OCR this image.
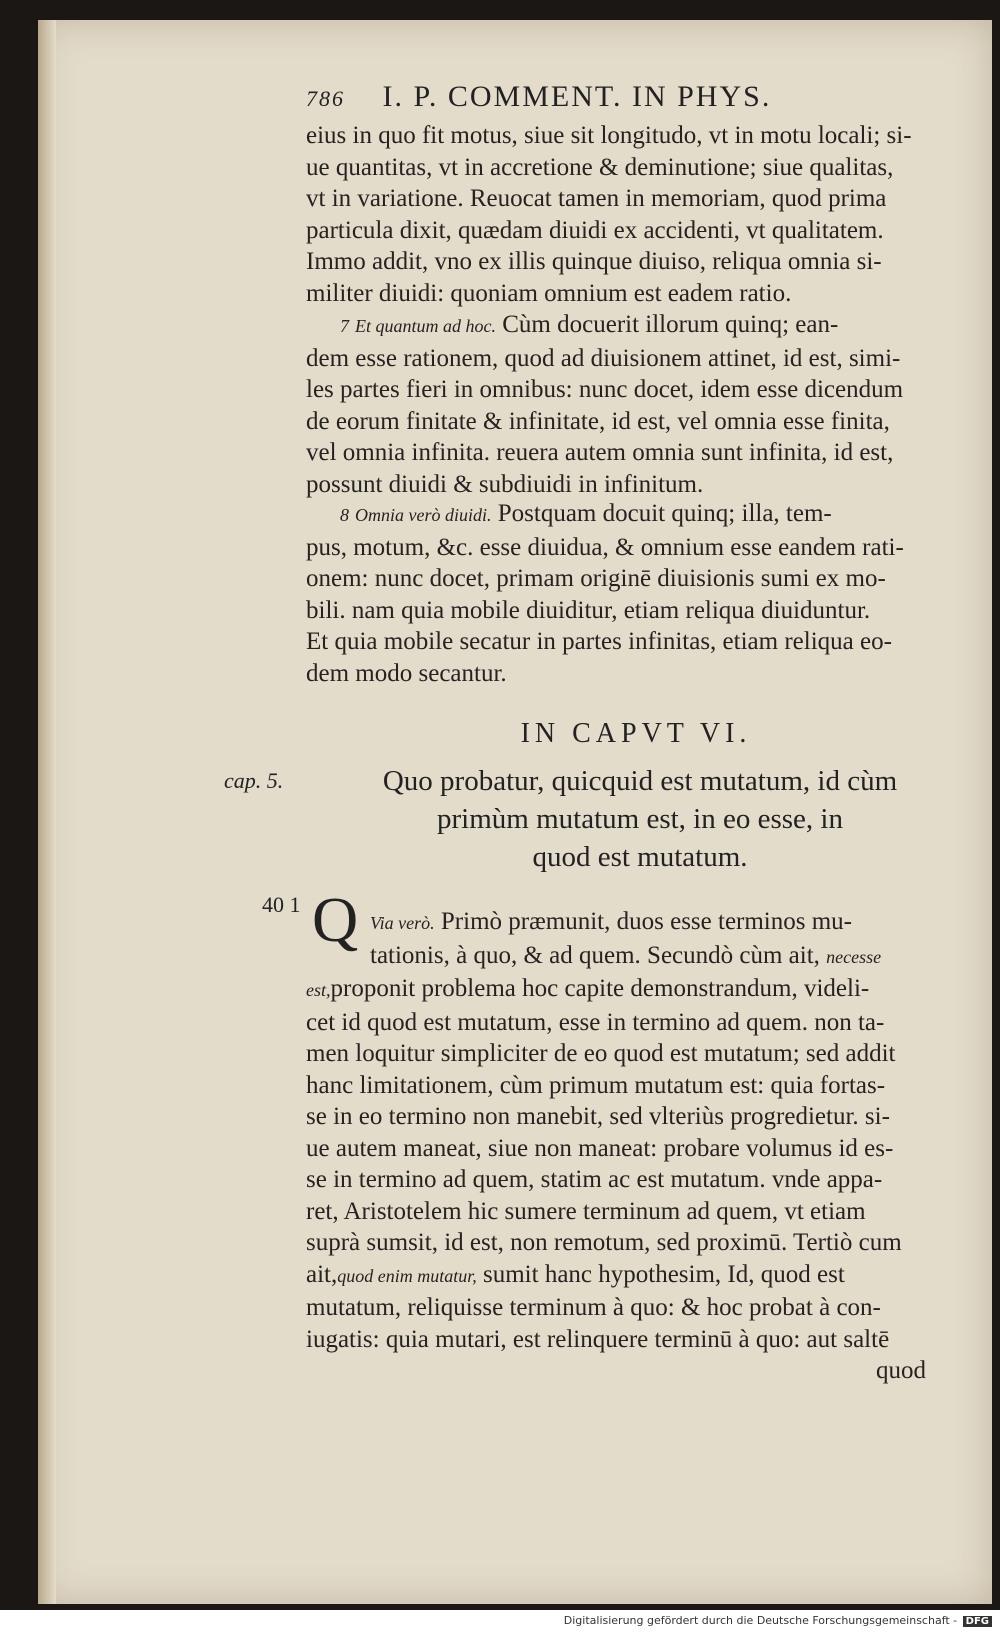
786 I. P. COMMENT. IN PHYS.
eius in quo fit motus, siue sit longitudo, vt in motu locali; si-
ue quantitas, vt in accretione & deminutione; siue qualitas,
vt in variatione. Reuocat tamen in memoriam, quod prima
particula dixit, quædam diuidi ex accidenti, vt qualitatem.
Immo addit, vno ex illis quinque diuiso, reliqua omnia si-
militer diuidi: quoniam omnium est eadem ratio.
7 Et quantum ad hoc. Cùm docuerit illorum quinq; ean-
dem esse rationem, quod ad diuisionem attinet, id est, simi-
les partes fieri in omnibus: nunc docet, idem esse dicendum
de eorum finitate & infinitate, id est, vel omnia esse finita,
vel omnia infinita. reuera autem omnia sunt infinita, id est,
possunt diuidi & subdiuidi in infinitum.
8 Omnia verò diuidi. Postquam docuit quinq; illa, tem-
pus, motum, &c. esse diuidua, & omnium esse eandem rati-
onem: nunc docet, primam originē diuisionis sumi ex mo-
bili. nam quia mobile diuiditur, etiam reliqua diuiduntur.
Et quia mobile secatur in partes infinitas, etiam reliqua eo-
dem modo secantur.
IN CAPVT VI.
cap. 5.	Quo probatur, quicquid est mutatum, id cùm
primùm mutatum est, in eo esse, in
quod est mutatum.
40 1 Q Via verò. Primò præmunit, duos esse terminos mu-
tationis, à quo, & ad quem. Secundò cùm ait, necesse
est,proponit problema hoc capite demonstrandum, videli-
cet id quod est mutatum, esse in termino ad quem. non ta-
men loquitur simpliciter de eo quod est mutatum; sed addit
hanc limitationem, cùm primum mutatum est: quia fortas-
se in eo termino non manebit, sed vlteriùs progredietur. si-
ue autem maneat, siue non maneat: probare volumus id es-
se in termino ad quem, statim ac est mutatum. vnde appa-
ret, Aristotelem hic sumere terminum ad quem, vt etiam
suprà sumsit, id est, non remotum, sed proximū. Tertiò cum
ait,quod enim mutatur, sumit hanc hypothesim, Id, quod est
mutatum, reliquisse terminum à quo: & hoc probat à con-
iugatis: quia mutari, est relinquere terminū à quo: aut saltē
quod
Digitalisierung gefördert durch die Deutsche Forschungsgemeinschaft - DFG
